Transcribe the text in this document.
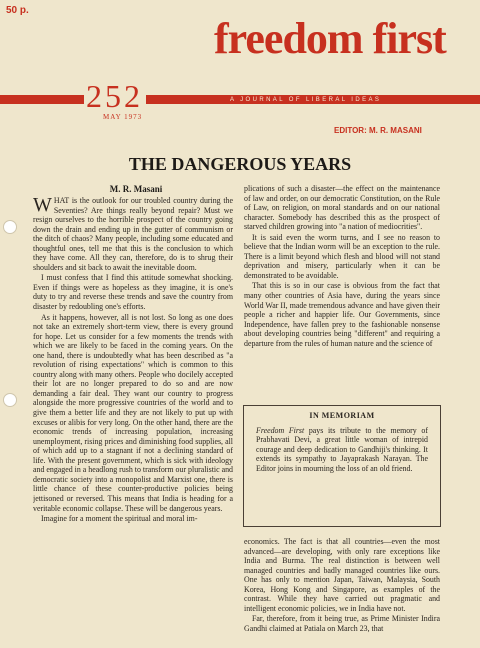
50 p.
freedom first
252	A JOURNAL OF LIBERAL IDEAS
MAY 1973
EDITOR: M. R. MASANI
THE DANGEROUS YEARS
M. R. Masani

WHAT is the outlook for our troubled country during the Seventies? Are things really beyond repair? Must we resign ourselves to the horrible prospect of the country going down the drain and ending up in the gutter of communism or the ditch of chaos? Many people, including some educated and thoughtful ones, tell me that this is the conclusion to which they have come. All they can, therefore, do is to shrug their shoulders and sit back to await the inevitable doom.

I must confess that I find this attitude somewhat shocking. Even if things were as hopeless as they imagine, it is one's duty to try and reverse these trends and save the country from disaster by redoubling one's efforts.

As it happens, however, all is not lost. So long as one does not take an extremely short-term view, there is every ground for hope. Let us consider for a few moments the trends with which we are likely to be faced in the coming years. On the one hand, there is undoubtedly what has been described as "a revolution of rising expectations" which is common to this country along with many others. People who docilely accepted their lot are no longer prepared to do so and are now demanding a fair deal. They want our country to progress alongside the more progressive countries of the world and to give them a better life and they are not likely to put up with excuses or alibis for very long. On the other hand, there are the economic trends of increasing population, increasing unemployment, rising prices and diminishing food supplies, all of which add up to a stagnant if not a declining standard of life. With the present government, which is sick with ideology and engaged in a headlong rush to transform our pluralistic and democratic society into a monopolist and Marxist one, there is little chance of these counter-productive policies being jettisoned or reversed. This means that India is heading for a veritable economic collapse. These will be dangerous years.

Imagine for a moment the spiritual and moral im-

plications of such a disaster—the effect on the maintenance of law and order, on our democratic Constitution, on the Rule of Law, on religion, on moral standards and on our national character. Somebody has described this as the prospect of starved children growing into "a nation of mediocrities".

It is said even the worm turns, and I see no reason to believe that the Indian worm will be an exception to the rule. There is a limit beyond which flesh and blood will not stand deprivation and misery, particularly when it can be demonstrated to be avoidable.

That this is so in our case is obvious from the fact that many other countries of Asia have, during the years since World War II, made tremendous advance and have given their people a richer and happier life. Our Governments, since Independence, have fallen prey to the fashionable nonsense about developing countries being "different" and requiring a departure from the rules of human nature and the science of

IN MEMORIAM

Freedom First pays its tribute to the memory of Prabhavati Devi, a great little woman of intrepid courage and deep dedication to Gandhiji's thinking. It extends its sympathy to Jayaprakash Narayan. The Editor joins in mourning the loss of an old friend.

economics. The fact is that all countries—even the most advanced—are developing, with only rare exceptions like India and Burma. The real distinction is between well managed countries and badly managed countries like ours. One has only to mention Japan, Taiwan, Malaysia, South Korea, Hong Kong and Singapore, as examples of the contrast. While they have carried out pragmatic and intelligent economic policies, we in India have not.

Far, therefore, from it being true, as Prime Minister Indira Gandhi claimed at Patiala on March 23, that
